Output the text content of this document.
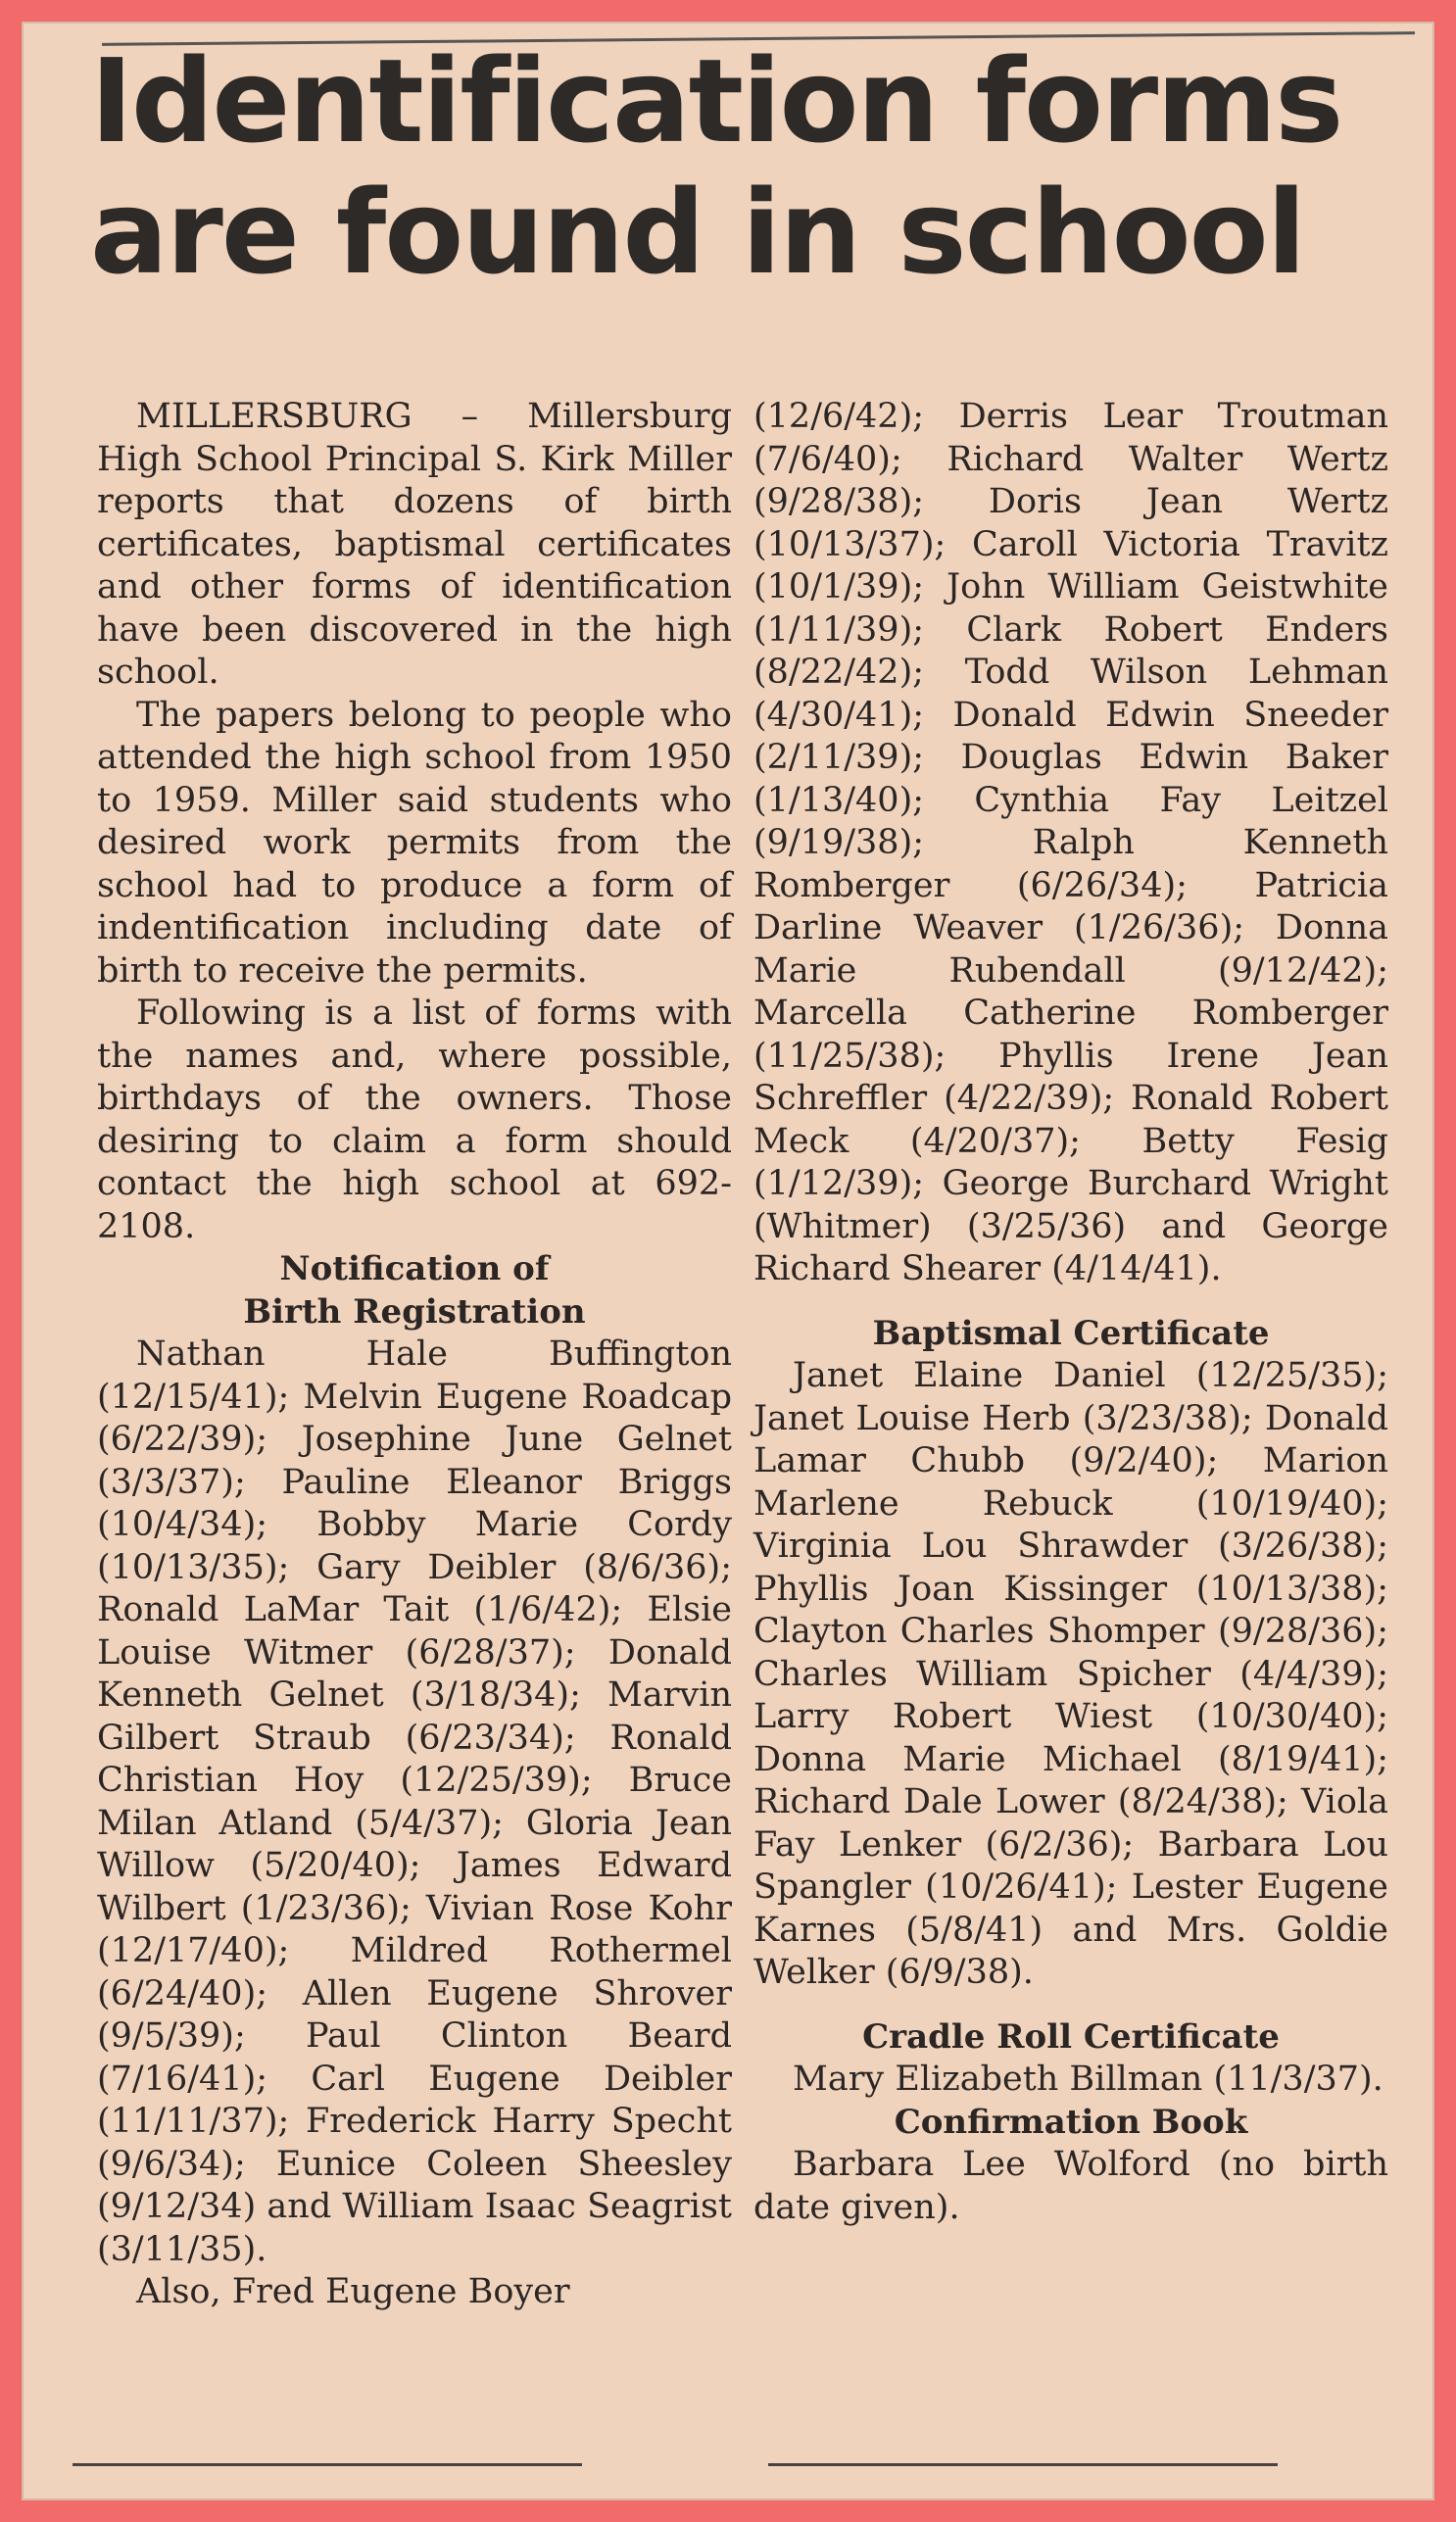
Identification forms
are found in school

MILLERSBURG – Millersburg High School Principal S. Kirk Miller reports that dozens of birth certificates, baptismal certificates and other forms of identification have been discovered in the high school.

The papers belong to people who attended the high school from 1950 to 1959. Miller said students who desired work permits from the school had to produce a form of indentification including date of birth to receive the permits.

Following is a list of forms with the names and, where possible, birthdays of the owners. Those desiring to claim a form should contact the high school at 692-2108.

Notification of
Birth Registration

Nathan Hale Buffington (12/15/41); Melvin Eugene Roadcap (6/22/39); Josephine June Gelnet (3/3/37); Pauline Eleanor Briggs (10/4/34); Bobby Marie Cordy (10/13/35); Gary Deibler (8/6/36); Ronald LaMar Tait (1/6/42); Elsie Louise Witmer (6/28/37); Donald Kenneth Gelnet (3/18/34); Marvin Gilbert Straub (6/23/34); Ronald Christian Hoy (12/25/39); Bruce Milan Atland (5/4/37); Gloria Jean Willow (5/20/40); James Edward Wilbert (1/23/36); Vivian Rose Kohr (12/17/40); Mildred Rothermel (6/24/40); Allen Eugene Shrover (9/5/39); Paul Clinton Beard (7/16/41); Carl Eugene Deibler (11/11/37); Frederick Harry Specht (9/6/34); Eunice Coleen Sheesley (9/12/34) and William Isaac Seagrist (3/11/35).

Also, Fred Eugene Boyer

(12/6/42); Derris Lear Troutman (7/6/40); Richard Walter Wertz (9/28/38); Doris Jean Wertz (10/13/37); Caroll Victoria Travitz (10/1/39); John William Geistwhite (1/11/39); Clark Robert Enders (8/22/42); Todd Wilson Lehman (4/30/41); Donald Edwin Sneeder (2/11/39); Douglas Edwin Baker (1/13/40); Cynthia Fay Leitzel (9/19/38); Ralph Kenneth Romberger (6/26/34); Patricia Darline Weaver (1/26/36); Donna Marie Rubendall (9/12/42); Marcella Catherine Romberger (11/25/38); Phyllis Irene Jean Schreffler (4/22/39); Ronald Robert Meck (4/20/37); Betty Fesig (1/12/39); George Burchard Wright (Whitmer) (3/25/36) and George Richard Shearer (4/14/41).

Baptismal Certificate

Janet Elaine Daniel (12/25/35); Janet Louise Herb (3/23/38); Donald Lamar Chubb (9/2/40); Marion Marlene Rebuck (10/19/40); Virginia Lou Shrawder (3/26/38); Phyllis Joan Kissinger (10/13/38); Clayton Charles Shomper (9/28/36); Charles William Spicher (4/4/39); Larry Robert Wiest (10/30/40); Donna Marie Michael (8/19/41); Richard Dale Lower (8/24/38); Viola Fay Lenker (6/2/36); Barbara Lou Spangler (10/26/41); Lester Eugene Karnes (5/8/41) and Mrs. Goldie Welker (6/9/38).

Cradle Roll Certificate

Mary Elizabeth Billman (11/3/37).

Confirmation Book

Barbara Lee Wolford (no birth date given).
